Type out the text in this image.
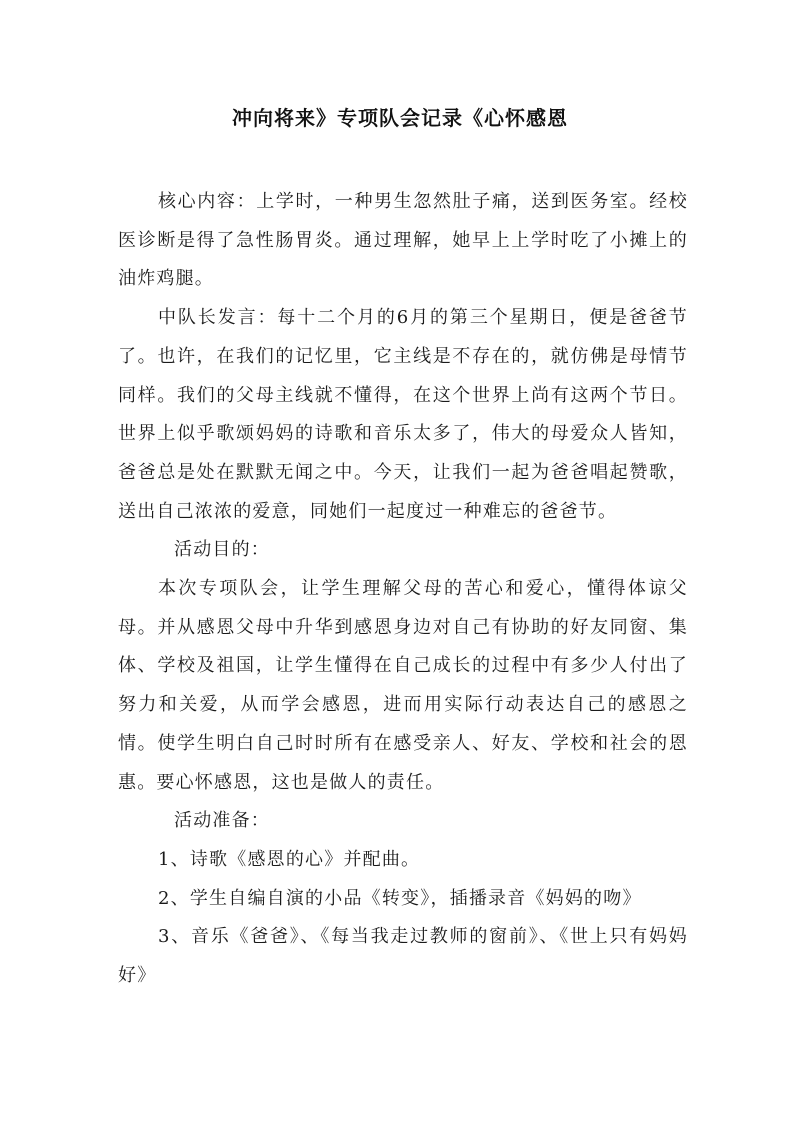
冲向将来》专项队会记录《心怀感恩

核心内容：上学时，一种男生忽然肚子痛，送到医务室。经校医诊断是得了急性肠胃炎。通过理解，她早上上学时吃了小摊上的油炸鸡腿。

中队长发言：每十二个月的6月的第三个星期日，便是爸爸节了。也许，在我们的记忆里，它主线是不存在的，就仿佛是母情节同样。我们的父母主线就不懂得，在这个世界上尚有这两个节日。世界上似乎歌颂妈妈的诗歌和音乐太多了，伟大的母爱众人皆知，爸爸总是处在默默无闻之中。今天，让我们一起为爸爸唱起赞歌，送出自己浓浓的爱意，同她们一起度过一种难忘的爸爸节。

活动目的：

本次专项队会，让学生理解父母的苦心和爱心，懂得体谅父母。并从感恩父母中升华到感恩身边对自己有协助的好友同窗、集体、学校及祖国，让学生懂得在自己成长的过程中有多少人付出了努力和关爱，从而学会感恩，进而用实际行动表达自己的感恩之情。使学生明白自己时时所有在感受亲人、好友、学校和社会的恩惠。要心怀感恩，这也是做人的责任。

活动准备：

1、诗歌《感恩的心》并配曲。

2、学生自编自演的小品《转变》，插播录音《妈妈的吻》

3、音乐《爸爸》、《每当我走过教师的窗前》、《世上只有妈妈好》
